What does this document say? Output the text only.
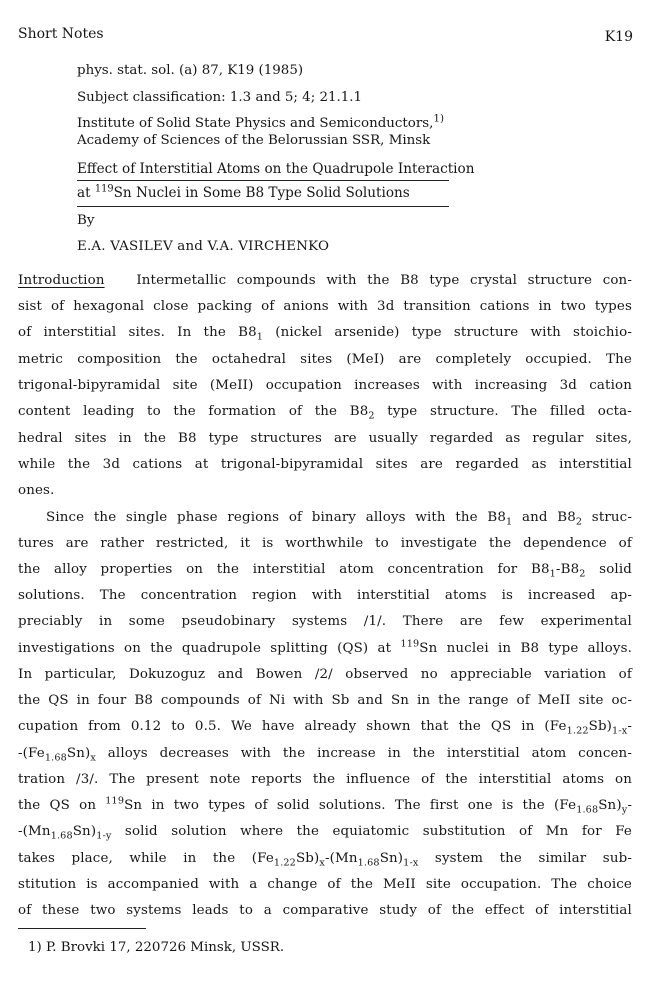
Short Notes	K19
phys. stat. sol. (a) 87, K19 (1985)
Subject classification: 1.3 and 5; 4; 21.1.1
Institute of Solid State Physics and Semiconductors,$^{1)}$
Academy of Sciences of the Belorussian SSR, Minsk
Effect of Interstitial Atoms on the Quadrupole Interaction
at $^{119}$Sn Nuclei in Some B8 Type Solid Solutions
By
E.A. VASILEV and V.A. VIRCHENKO
Introduction   Intermetallic compounds with the B8 type crystal structure con-
sist of hexagonal close packing of anions with 3d transition cations in two types
of interstitial sites. In the $B8_1$ (nickel arsenide) type structure with stoichio-
metric composition the octahedral sites (MeI) are completely occupied. The
trigonal-bipyramidal site (MeII) occupation increases with increasing 3d cation
content leading to the formation of the $B8_2$ type structure. The filled octa-
hedral sites in the B8 type structures are usually regarded as regular sites,
while the 3d cations at trigonal-bipyramidal sites are regarded as interstitial
ones.
Since the single phase regions of binary alloys with the $B8_1$ and $B8_2$ struc-
tures are rather restricted, it is worthwhile to investigate the dependence of
the alloy properties on the interstitial atom concentration for $B8_1-B8_2$ solid
solutions. The concentration region with interstitial atoms is increased ap-
preciably in some pseudobinary systems /1/. There are few experimental
investigations on the quadrupole splitting (QS) at $^{119}$Sn nuclei in B8 type alloys.
In particular, Dokuzoguz and Bowen /2/ observed no appreciable variation of
the QS in four B8 compounds of Ni with Sb and Sn in the range of MeII site oc-
cupation from 0.12 to 0.5. We have already shown that the QS in $(Fe_{1.22}Sb)_{1-x}-$
$-(Fe_{1.68}Sn)_x$ alloys decreases with the increase in the interstitial atom concen-
tration /3/. The present note reports the influence of the interstitial atoms on
the QS on $^{119}$Sn in two types of solid solutions. The first one is the $(Fe_{1.68}Sn)_y-$
$-(Mn_{1.68}Sn)_{1-y}$ solid solution where the equiatomic substitution of Mn for Fe
takes place, while in the $(Fe_{1.22}Sb)_x-(Mn_{1.68}Sn)_{1-x}$ system the similar sub-
stitution is accompanied with a change of the MeII site occupation. The choice
of these two systems leads to a comparative study of the effect of interstitial
1) P. Brovki 17, 220726 Minsk, USSR.
